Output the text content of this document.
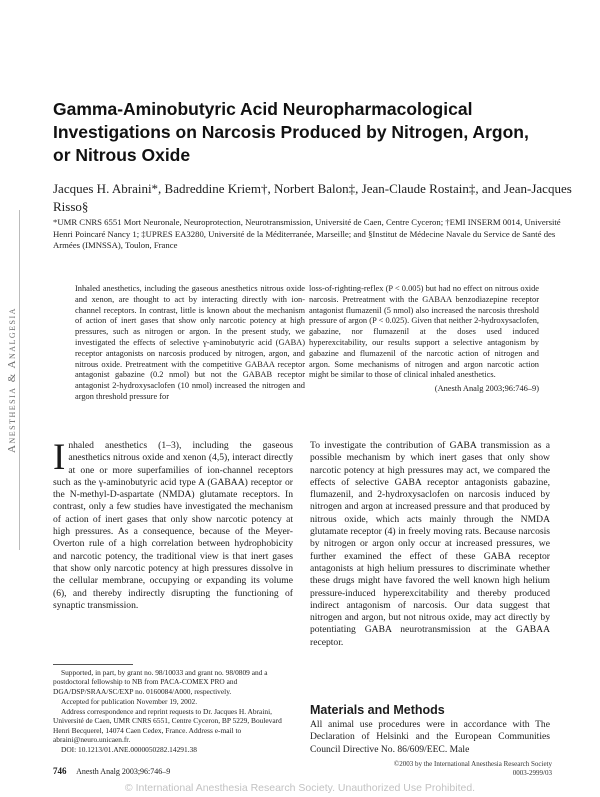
Anesthesia & Analgesia
Gamma-Aminobutyric Acid Neuropharmacological
Investigations on Narcosis Produced by Nitrogen, Argon,
or Nitrous Oxide
Jacques H. Abraini*, Badreddine Kriem†, Norbert Balon‡, Jean-Claude Rostain‡, and Jean-Jacques Risso§
*UMR CNRS 6551 Mort Neuronale, Neuroprotection, Neurotransmission, Université de Caen, Centre Cyceron; †EMI INSERM 0014, Université Henri Poincaré Nancy 1; ‡UPRES EA3280, Université de la Méditerranée, Marseille; and §Institut de Médecine Navale du Service de Santé des Armées (IMNSSA), Toulon, France
Inhaled anesthetics, including the gaseous anesthetics nitrous oxide and xenon, are thought to act by interacting directly with ion-channel receptors. In contrast, little is known about the mechanism of action of inert gases that show only narcotic potency at high pressures, such as nitrogen or argon. In the present study, we investigated the effects of selective γ-aminobutyric acid (GABA) receptor antagonists on narcosis produced by nitrogen, argon, and nitrous oxide. Pretreatment with the competitive GABAA receptor antagonist gabazine (0.2 nmol) but not the GABAB receptor antagonist 2-hydroxysaclofen (10 nmol) increased the nitrogen and argon threshold pressure for
loss-of-righting-reflex (P < 0.005) but had no effect on nitrous oxide narcosis. Pretreatment with the GABAA benzodiazepine receptor antagonist flumazenil (5 nmol) also increased the narcosis threshold pressure of argon (P < 0.025). Given that neither 2-hydroxysaclofen, gabazine, nor flumazenil at the doses used induced hyperexcitability, our results support a selective antagonism by gabazine and flumazenil of the narcotic action of nitrogen and argon. Some mechanisms of nitrogen and argon narcotic action might be similar to those of clinical inhaled anesthetics.
(Anesth Analg 2003;96:746–9)
Inhaled anesthetics (1–3), including the gaseous anesthetics nitrous oxide and xenon (4,5), interact directly at one or more superfamilies of ion-channel receptors such as the γ-aminobutyric acid type A (GABAA) receptor or the N-methyl-D-aspartate (NMDA) glutamate receptors. In contrast, only a few studies have investigated the mechanism of action of inert gases that only show narcotic potency at high pressures. As a consequence, because of the Meyer-Overton rule of a high correlation between hydrophobicity and narcotic potency, the traditional view is that inert gases that show only narcotic potency at high pressures dissolve in the cellular membrane, occupying or expanding its volume (6), and thereby indirectly disrupting the functioning of synaptic transmission.
To investigate the contribution of GABA transmission as a possible mechanism by which inert gases that only show narcotic potency at high pressures may act, we compared the effects of selective GABA receptor antagonists gabazine, flumazenil, and 2-hydroxysaclofen on narcosis induced by nitrogen and argon at increased pressure and that produced by nitrous oxide, which acts mainly through the NMDA glutamate receptor (4) in freely moving rats. Because narcosis by nitrogen or argon only occur at increased pressures, we further examined the effect of these GABA receptor antagonists at high helium pressures to discriminate whether these drugs might have favored the well known high helium pressure-induced hyperexcitability and thereby produced indirect antagonism of narcosis. Our data suggest that nitrogen and argon, but not nitrous oxide, may act directly by potentiating GABA neurotransmission at the GABAA receptor.
Materials and Methods
All animal use procedures were in accordance with The Declaration of Helsinki and the European Communities Council Directive No. 86/609/EEC. Male

Supported, in part, by grant no. 98/10033 and grant no. 98/0809 and a postdoctoral fellowship to NB from PACA-COMEX PRO and DGA/DSP/SRAA/SC/EXP no. 0160084/A000, respectively.

Accepted for publication November 19, 2002.

Address correspondence and reprint requests to Dr. Jacques H. Abraini, Université de Caen, UMR CNRS 6551, Centre Cyceron, BP 5229, Boulevard Henri Becquerel, 14074 Caen Cedex, France. Address e-mail to abraini@neuro.unicaen.fr.

DOI: 10.1213/01.ANE.0000050282.14291.38

746 Anesth Analg 2003;96:746–9
©2003 by the International Anesthesia Research Society
0003-2999/03
© International Anesthesia Research Society. Unauthorized Use Prohibited.
